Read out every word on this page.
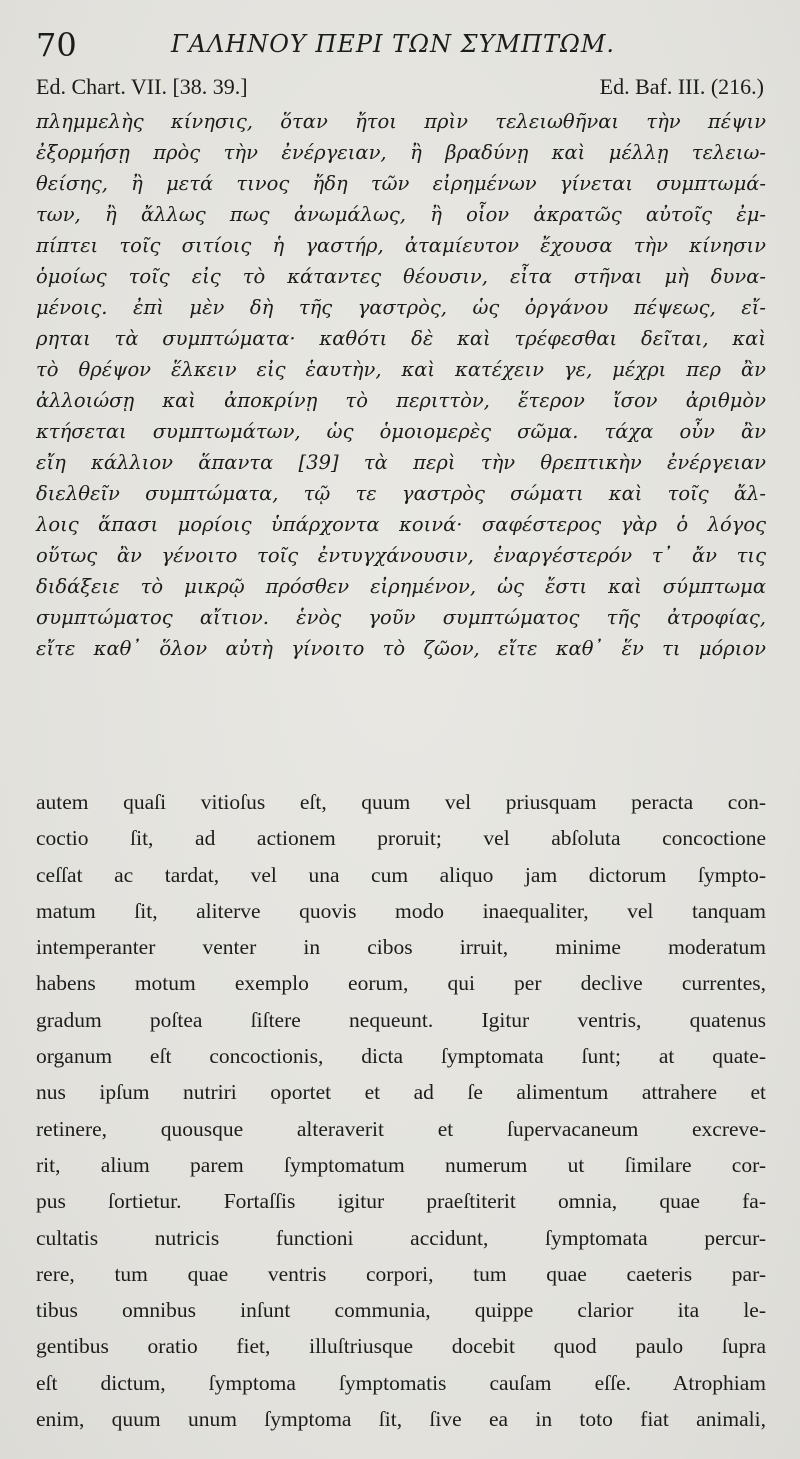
70	ΓΑΛΗΝΟΥ ΠΕΡΙ ΤΩΝ ΣΥΜΠΤΩΜ.
Ed. Chart. VII. [38. 39.]	Ed. Baf. III. (216.)
πλημμελὴς κίνησις, ὅταν ἤτοι πρὶν τελειωθῆναι τὴν πέψιν
ἐξορμήσῃ πρὸς τὴν ἐνέργειαν, ἢ βραδύνῃ καὶ μέλλῃ τελειω-
θείσης, ἢ μετά τινος ἤδη τῶν εἰρημένων γίνεται συμπτωμά-
των, ἢ ἄλλως πως ἀνωμάλως, ἢ οἷον ἀκρατῶς αὐτοῖς ἐμ-
πίπτει τοῖς σιτίοις ἡ γαστήρ, ἀταμίευτον ἔχουσα τὴν κίνησιν
ὁμοίως τοῖς εἰς τὸ κάταντες θέουσιν, εἶτα στῆναι μὴ δυνα-
μένοις. ἐπὶ μὲν δὴ τῆς γαστρὸς, ὡς ὀργάνου πέψεως, εἴ-
ρηται τὰ συμπτώματα· καθότι δὲ καὶ τρέφεσθαι δεῖται, καὶ
τὸ θρέψον ἕλκειν εἰς ἑαυτὴν, καὶ κατέχειν γε, μέχρι περ ἂν
ἀλλοιώσῃ καὶ ἀποκρίνῃ τὸ περιττὸν, ἕτερον ἴσον ἀριθμὸν
κτήσεται συμπτωμάτων, ὡς ὁμοιομερὲς σῶμα. τάχα οὖν ἂν
εἴη κάλλιον ἅπαντα [39] τὰ περὶ τὴν θρεπτικὴν ἐνέργειαν
διελθεῖν συμπτώματα, τῷ τε γαστρὸς σώματι καὶ τοῖς ἄλ-
λοις ἅπασι μορίοις ὑπάρχοντα κοινά· σαφέστερος γὰρ ὁ λόγος
οὕτως ἂν γένοιτο τοῖς ἐντυγχάνουσιν, ἐναργέστερόν τ᾽ ἄν τις
διδάξειε τὸ μικρῷ πρόσθεν εἰρημένον, ὡς ἔστι καὶ σύμπτωμα
συμπτώματος αἴτιον. ἑνὸς γοῦν συμπτώματος τῆς ἀτροφίας,
εἴτε καθ᾽ ὅλον αὐτὴ γίνοιτο τὸ ζῶον, εἴτε καθ᾽ ἕν τι μόριον
autem quaſi vitioſus eſt, quum vel priusquam peracta con-
coctio ſit, ad actionem proruit; vel abſoluta concoctione
ceſſat ac tardat, vel una cum aliquo jam dictorum ſympto-
matum ſit, aliterve quovis modo inaequaliter, vel tanquam
intemperanter venter in cibos irruit, minime moderatum
habens motum exemplo eorum, qui per declive currentes,
gradum poſtea ſiſtere nequeunt. Igitur ventris, quatenus
organum eſt concoctionis, dicta ſymptomata ſunt; at quate-
nus ipſum nutriri oportet et ad ſe alimentum attrahere et
retinere, quousque alteraverit et ſupervacaneum excreve-
rit, alium parem ſymptomatum numerum ut ſimilare cor-
pus ſortietur. Fortaſſis igitur praeſtiterit omnia, quae fa-
cultatis nutricis functioni accidunt, ſymptomata percur-
rere, tum quae ventris corpori, tum quae caeteris par-
tibus omnibus inſunt communia, quippe clarior ita le-
gentibus oratio fiet, illuſtriusque docebit quod paulo ſupra
eſt dictum, ſymptoma ſymptomatis cauſam eſſe. Atrophiam
enim, quum unum ſymptoma ſit, ſive ea in toto fiat animali,
